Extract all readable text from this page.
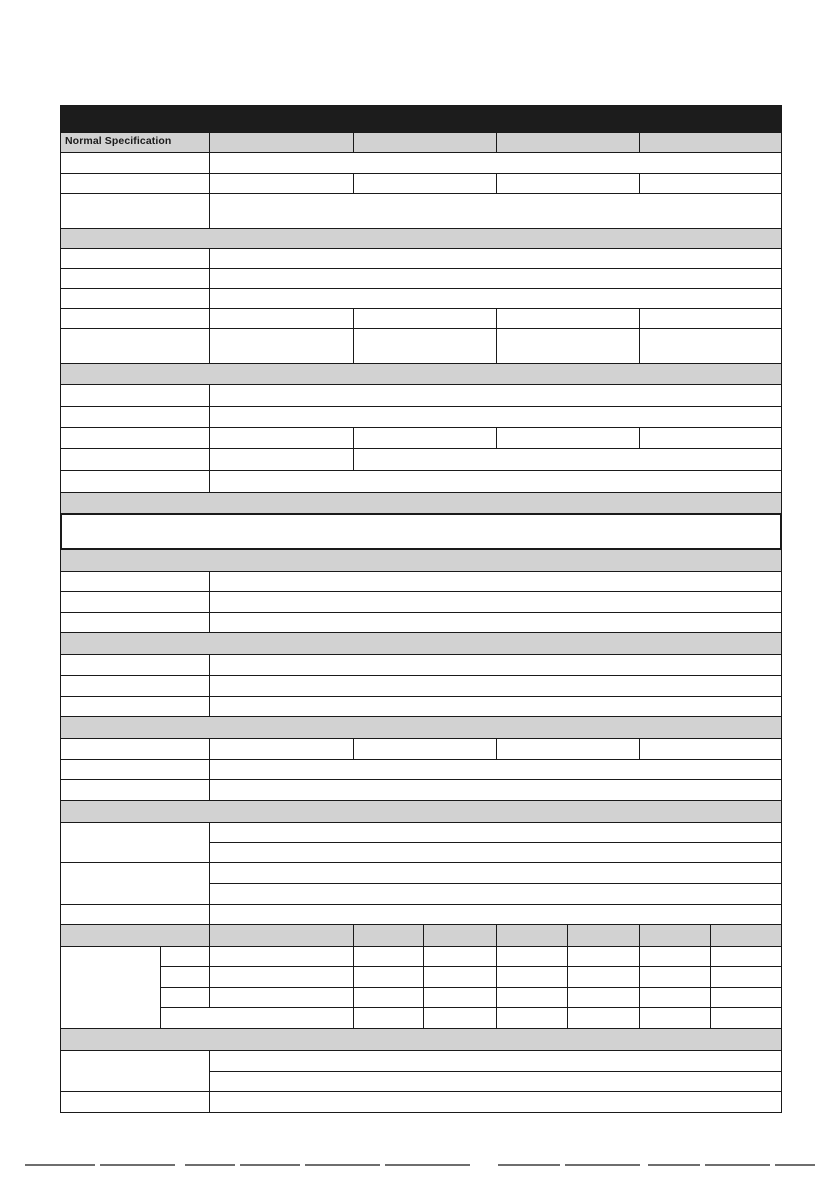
Normal Specification
